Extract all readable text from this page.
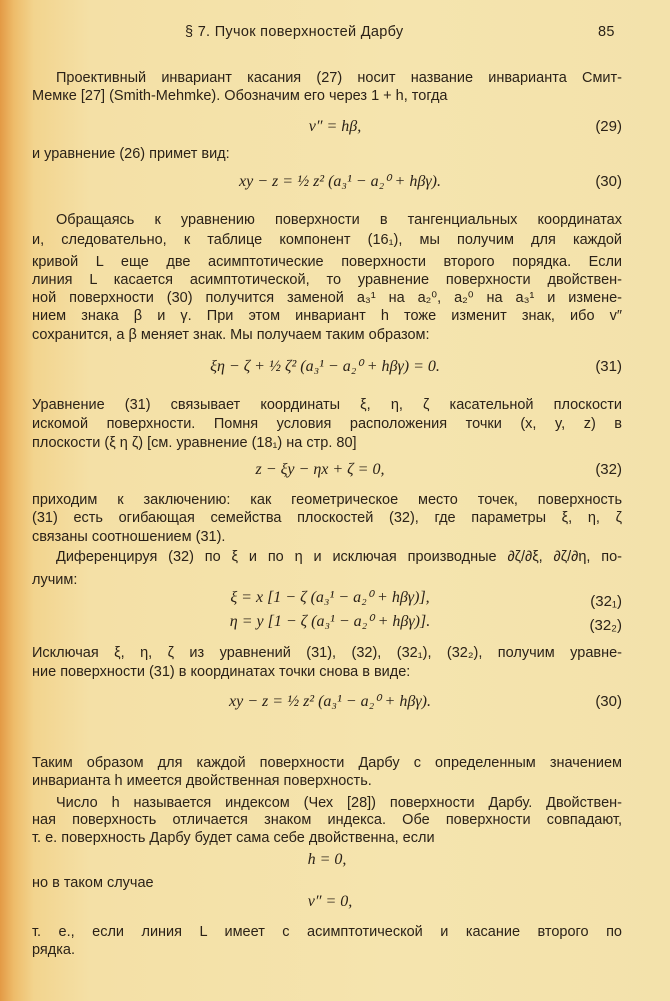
§ 7. Пучок поверхностей Дарбу	85
Проективный инвариант касания (27) носит название инварианта Смит-
Мемке [27] (Smith-Mehmke). Обозначим его через 1 + h, тогда
v″ = hβ,	(29)
и уравнение (26) примет вид:
xy − z = ½ z² (a₃¹ − a₂⁰ + hβγ).	(30)
Обращаясь к уравнению поверхности в тангенциальных координатах
и, следовательно, к таблице компонент (16₁), мы получим для каждой
кривой L еще две асимптотические поверхности второго порядка. Если
линия L касается асимптотической, то уравнение поверхности двойствен-
ной поверхности (30) получится заменой a₃¹ на a₂⁰, a₂⁰ на a₃¹ и измене-
нием знака β и γ. При этом инвариант h тоже изменит знак, ибо v″
сохранится, а β меняет знак. Мы получаем таким образом:
ξη − ζ + ½ ζ² (a₃¹ − a₂⁰ + hβγ) = 0.	(31)
Уравнение (31) связывает координаты ξ, η, ζ касательной плоскости
искомой поверхности. Помня условия расположения точки (x, y, z) в
плоскости (ξ η ζ) [см. уравнение (18₁) на стр. 80]
z − ξy − ηx + ζ = 0,	(32)
приходим к заключению: как геометрическое место точек, поверхность
(31) есть огибающая семейства плоскостей (32), где параметры ξ, η, ζ
связаны соотношением (31).
Диференцируя (32) по ξ и по η и исключая производные ∂ζ/∂ξ, ∂ζ/∂η, по-
лучим:
ξ = x [1 − ζ (a₃¹ − a₂⁰ + hβγ)],	(32₁)
η = y [1 − ζ (a₃¹ − a₂⁰ + hβγ)].	(32₂)
Исключая ξ, η, ζ из уравнений (31), (32), (32₁), (32₂), получим уравне-
ние поверхности (31) в координатах точки снова в виде:
xy − z = ½ z² (a₃¹ − a₂⁰ + hβγ).	(30)
Таким образом для каждой поверхности Дарбу с определенным значением
инварианта h имеется двойственная поверхность.
Число h называется индексом (Чех [28]) поверхности Дарбу. Двойствен-
ная поверхность отличается знаком индекса. Обе поверхности совпадают,
т. е. поверхность Дарбу будет сама себе двойственна, если
h = 0,
но в таком случае
v″ = 0,
т. е., если линия L имеет с асимптотической и касание второго по
рядка.
